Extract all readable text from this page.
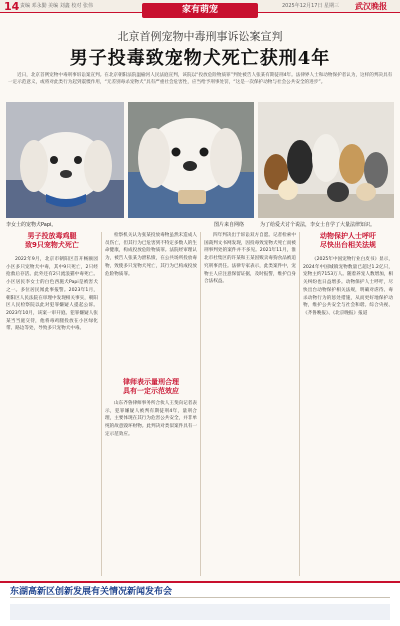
14 责编 邓永勤 美编 刘鑫 校对 张伟	家有萌宠	2025年12月17日 星期三 武汉晚报
北京首例宠物中毒刑事诉讼案宣判
男子投毒致宠物犬死亡获刑4年
近日，北京首例宠物中毒刑事诉讼案宣判。在北京朝阳法院温榆河人民法庭宣判，该院以“投放危险物质罪”判处被告人张某有期徒刑4年。法律界人士和动物保护者认为，这样的判决具有一定示范意义，或将对此类行为起到震慑作用，“无差别毒杀宠物犬”具有严重社会危害性，应当给予刑事处罚，“这是一次保护动物与社会公共安全的进步”。
李女士的宠物犬Papi。	图片来自网络	为了给爱犬讨个说法，李女士自学了大量法律知识。
男子投放毒鸡腿
致9只宠物犬死亡

2022年9月，北京市朝阳区首开畅颐园小区多只宠物犬中毒，其中9只死亡，2只经抢救后存活。此外还有2只流浪猫中毒死亡。小区居民李女士的白色西施犬Papi是被害犬之一。多位居民闻此事报警。2023年1月，朝阳区人民法院在审理中发现相关事实，朝阳区人民检察院以此对犯罪嫌疑人提起公诉。2023年10月，该案一审开庭。犯罪嫌疑人张某当当庭交待，他将毒鸡腿投放在小区绿化带、路边等处，导致多只宠物犬中毒。

检察机关认为张某投放毒物虽然未造成人员伤亡，但其行为已危害到不特定多数人的生命健康，构成投放危险物质罪。法院经审理认为，被告人张某为泄私愤，在公共场所投放毒物，致使多只宠物犬死亡，其行为已构成投放危险物质罪。

律师表示量刑合理
具有一定示范效应

山东齐鲁律师事务所合伙人王斐向记者表示，犯罪嫌疑人被判有期徒刑4年，量刑合理，主要体现在其行为危害公共安全，并非单纯的故意毁坏财物。此判决对类似案件具有一定示范效应。

四年判决出于诉讼双方自愿。记者检索中国裁判文书网发现，因投毒致宠物犬死亡而被刑事判处的案件并不多见。2021年11月，淮北市杜集区的许某和王某因贩卖毒狗食品被追究刑事责任。法律专家表示，此类案件中，宠物主人应注意保留证据，及时报警，维护自身合法权益。

动物保护人士呼吁
尽快出台相关法规

《2025年中国宠物行业白皮书》显示，2024年中国城镇宠物数量已超过1.2亿只，宠物主约7153万人。随着养宠人数增加，相关纠纷也日益增多。动物保护人士呼吁，尽快出台动物保护相关法规，明确对虐待、毒杀动物行为的惩处措施，从而更好地保护动物，维护公共安全与社会和谐。综合央视、《齐鲁晚报》、《北京晚报》报道

东湖高新区创新发展有关情况新闻发布会
